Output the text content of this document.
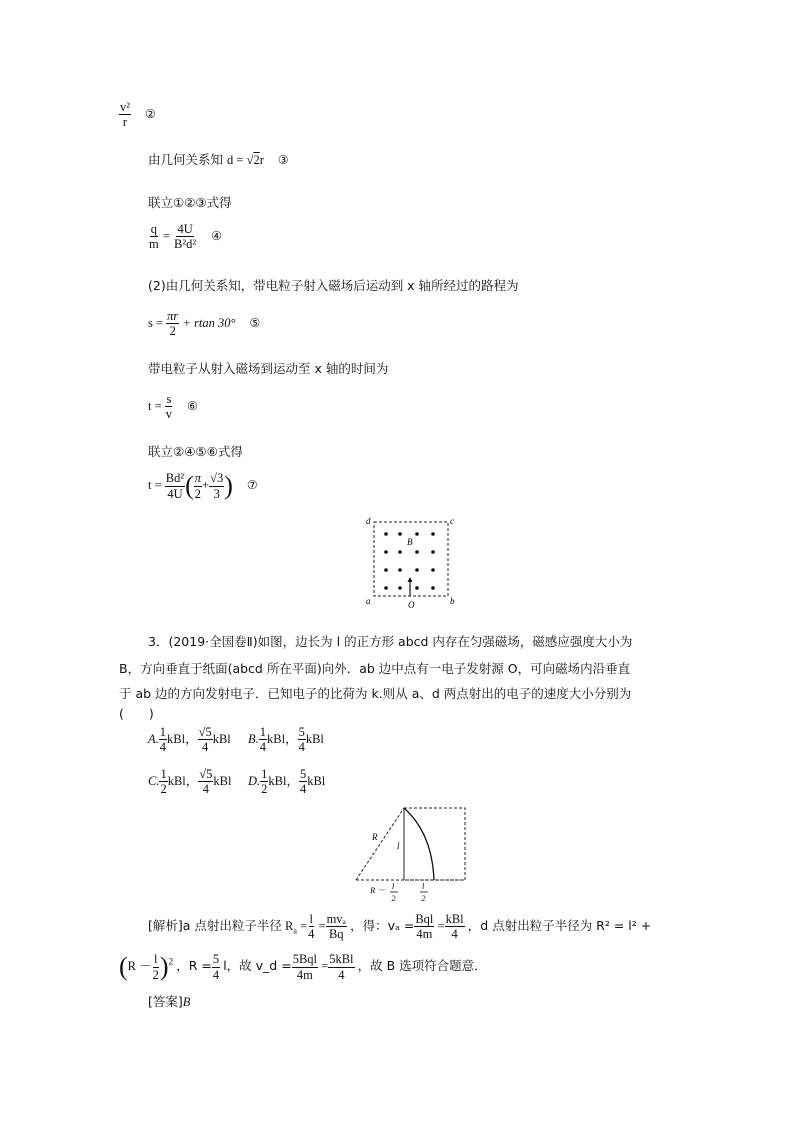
$\frac{\text{v²}}{r}$ ②
由几何关系知 d = √2r ③
联立①②③式得
$\frac{q}{m} = \frac{4U}{\text{B²d²}}$ ④
(2)由几何关系知，带电粒子射入磁场后运动到 x 轴所经过的路程为
$s = \frac{\pi r}{2} + rtan$ 30° ⑤
带电粒子从射入磁场到运动至 x 轴的时间为
$t = \frac{s}{v}$ ⑥
联立②④⑤⑥式得
$t = \frac{\text{Bd²}}{4U}$ ( $\frac{\pi}{2} + \frac{√3}{3}$ ) ⑦
d	c
a	b
B
O
3．(2019·全国卷Ⅱ)如图，边长为 l 的正方形 abcd 内存在匀强磁场，磁感应强度大小为
B，方向垂直于纸面(abcd 所在平面)向外．ab 边中点有一电子发射源 O，可向磁场内沿垂直
于 ab 边的方向发射电子．已知电子的比荷为 k.则从 a、d 两点射出的电子的速度大小分别为
(　　)
A. $\frac{1}{4}$ kBl， $\frac{√5}{4}$ kBl B. $\frac{1}{4}$ kBl， $\frac{5}{4}$ kBl
C. $\frac{1}{2}$ kBl， $\frac{√5}{4}$ kBl D. $\frac{1}{2}$ kBl， $\frac{5}{4}$ kBl
R
l
R － l
2
l
2
[解析]a 点射出粒子半径 $R_a = \frac{l}{4} = \frac{\text{mvₐ}}{Bq}$ ，得：$v_a = \frac{\text{Bql}}{4m} = \frac{\text{kBl}}{4}$ ，d 点射出粒子半径为 R² = l² +
$(R - \frac{l}{2} )^2$ ，$R = \frac{5}{4}$ l，故 v_d = $\frac{\text{5Bql}}{4m} = \frac{\text{5kBl}}{4}$ ，故 B 选项符合题意．
[答案]B
